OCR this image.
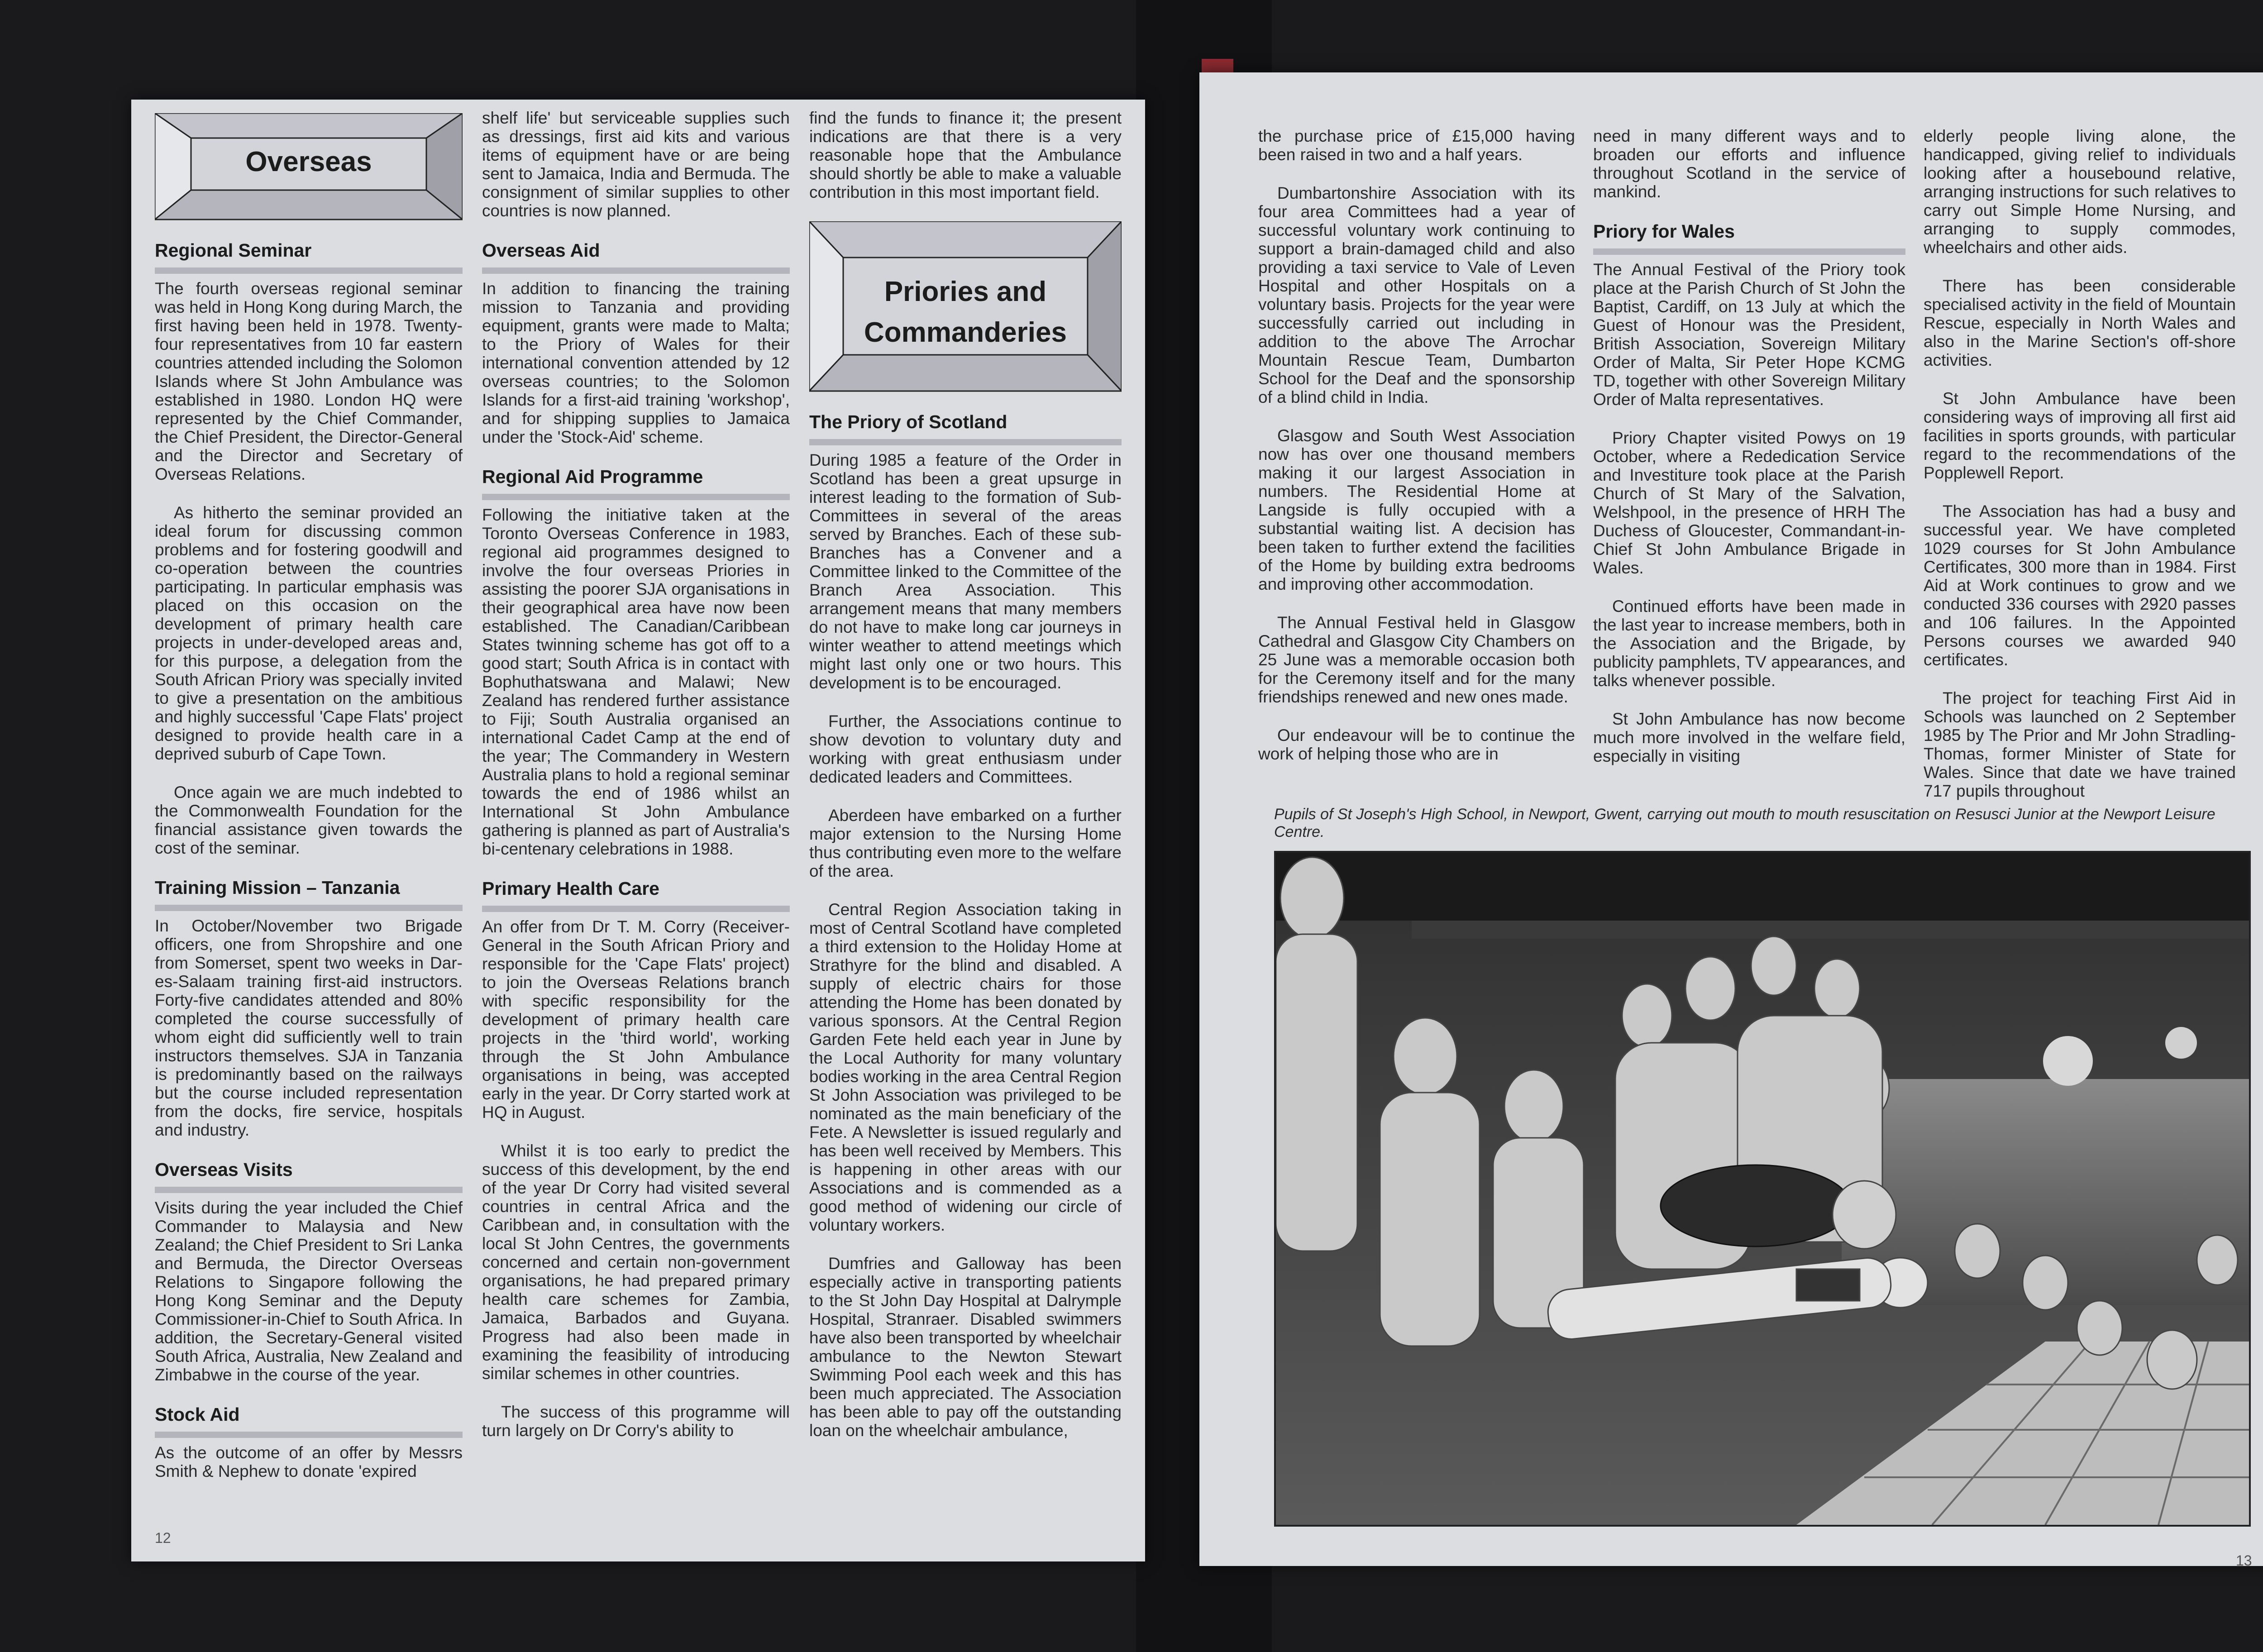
Overseas
Regional Seminar

The fourth overseas regional seminar was held in Hong Kong during March, the first having been held in 1978. Twenty-four representatives from 10 far eastern countries attended including the Solomon Islands where St John Ambulance was established in 1980. London HQ were represented by the Chief Commander, the Chief President, the Director-General and the Director and Secretary of Overseas Relations.

As hitherto the seminar provided an ideal forum for discussing common problems and for fostering goodwill and co-operation between the countries participating. In particular emphasis was placed on this occasion on the development of primary health care projects in under-developed areas and, for this purpose, a delegation from the South African Priory was specially invited to give a presentation on the ambitious and highly successful 'Cape Flats' project designed to provide health care in a deprived suburb of Cape Town.

Once again we are much indebted to the Commonwealth Foundation for the financial assistance given towards the cost of the seminar.

Training Mission – Tanzania

In October/November two Brigade officers, one from Shropshire and one from Somerset, spent two weeks in Dar-es-Salaam training first-aid instructors. Forty-five candidates attended and 80% completed the course successfully of whom eight did sufficiently well to train instructors themselves. SJA in Tanzania is predominantly based on the railways but the course included representation from the docks, fire service, hospitals and industry.

Overseas Visits

Visits during the year included the Chief Commander to Malaysia and New Zealand; the Chief President to Sri Lanka and Bermuda, the Director Overseas Relations to Singapore following the Hong Kong Seminar and the Deputy Commissioner-in-Chief to South Africa. In addition, the Secretary-General visited South Africa, Australia, New Zealand and Zimbabwe in the course of the year.

Stock Aid

As the outcome of an offer by Messrs Smith & Nephew to donate 'expired

shelf life' but serviceable supplies such as dressings, first aid kits and various items of equipment have or are being sent to Jamaica, India and Bermuda. The consignment of similar supplies to other countries is now planned.

Overseas Aid

In addition to financing the training mission to Tanzania and providing equipment, grants were made to Malta; to the Priory of Wales for their international convention attended by 12 overseas countries; to the Solomon Islands for a first-aid training 'workshop', and for shipping supplies to Jamaica under the 'Stock-Aid' scheme.

Regional Aid Programme

Following the initiative taken at the Toronto Overseas Conference in 1983, regional aid programmes designed to involve the four overseas Priories in assisting the poorer SJA organisations in their geographical area have now been established. The Canadian/Caribbean States twinning scheme has got off to a good start; South Africa is in contact with Bophuthatswana and Malawi; New Zealand has rendered further assistance to Fiji; South Australia organised an international Cadet Camp at the end of the year; The Commandery in Western Australia plans to hold a regional seminar towards the end of 1986 whilst an International St John Ambulance gathering is planned as part of Australia's bi-centenary celebrations in 1988.

Primary Health Care

An offer from Dr T. M. Corry (Receiver-General in the South African Priory and responsible for the 'Cape Flats' project) to join the Overseas Relations branch with specific responsibility for the development of primary health care projects in the 'third world', working through the St John Ambulance organisations in being, was accepted early in the year. Dr Corry started work at HQ in August.

Whilst it is too early to predict the success of this development, by the end of the year Dr Corry had visited several countries in central Africa and the Caribbean and, in consultation with the local St John Centres, the governments concerned and certain non-government organisations, he had prepared primary health care schemes for Zambia, Jamaica, Barbados and Guyana. Progress had also been made in examining the feasibility of introducing similar schemes in other countries.

The success of this programme will turn largely on Dr Corry's ability to

find the funds to finance it; the present indications are that there is a very reasonable hope that the Ambulance should shortly be able to make a valuable contribution in this most important field.

Priories and
Commanderies
The Priory of Scotland

During 1985 a feature of the Order in Scotland has been a great upsurge in interest leading to the formation of Sub-Committees in several of the areas served by Branches. Each of these sub-Branches has a Convener and a Committee linked to the Committee of the Branch Area Association. This arrangement means that many members do not have to make long car journeys in winter weather to attend meetings which might last only one or two hours. This development is to be encouraged.

Further, the Associations continue to show devotion to voluntary duty and working with great enthusiasm under dedicated leaders and Committees.

Aberdeen have embarked on a further major extension to the Nursing Home thus contributing even more to the welfare of the area.

Central Region Association taking in most of Central Scotland have completed a third extension to the Holiday Home at Strathyre for the blind and disabled. A supply of electric chairs for those attending the Home has been donated by various sponsors. At the Central Region Garden Fete held each year in June by the Local Authority for many voluntary bodies working in the area Central Region St John Association was privileged to be nominated as the main beneficiary of the Fete. A Newsletter is issued regularly and has been well received by Members. This is happening in other areas with our Associations and is commended as a good method of widening our circle of voluntary workers.

Dumfries and Galloway has been especially active in transporting patients to the St John Day Hospital at Dalrymple Hospital, Stranraer. Disabled swimmers have also been transported by wheelchair ambulance to the Newton Stewart Swimming Pool each week and this has been much appreciated. The Association has been able to pay off the outstanding loan on the wheelchair ambulance,

12

the purchase price of £15,000 having been raised in two and a half years.

Dumbartonshire Association with its four area Committees had a year of successful voluntary work continuing to support a brain-damaged child and also providing a taxi service to Vale of Leven Hospital and other Hospitals on a voluntary basis. Projects for the year were successfully carried out including in addition to the above The Arrochar Mountain Rescue Team, Dumbarton School for the Deaf and the sponsorship of a blind child in India.

Glasgow and South West Association now has over one thousand members making it our largest Association in numbers. The Residential Home at Langside is fully occupied with a substantial waiting list. A decision has been taken to further extend the facilities of the Home by building extra bedrooms and improving other accommodation.

The Annual Festival held in Glasgow Cathedral and Glasgow City Chambers on 25 June was a memorable occasion both for the Ceremony itself and for the many friendships renewed and new ones made.

Our endeavour will be to continue the work of helping those who are in

need in many different ways and to broaden our efforts and influence throughout Scotland in the service of mankind.

Priory for Wales

The Annual Festival of the Priory took place at the Parish Church of St John the Baptist, Cardiff, on 13 July at which the Guest of Honour was the President, British Association, Sovereign Military Order of Malta, Sir Peter Hope KCMG TD, together with other Sovereign Military Order of Malta representatives.

Priory Chapter visited Powys on 19 October, where a Rededication Service and Investiture took place at the Parish Church of St Mary of the Salvation, Welshpool, in the presence of HRH The Duchess of Gloucester, Commandant-in-Chief St John Ambulance Brigade in Wales.

Continued efforts have been made in the last year to increase members, both in the Association and the Brigade, by publicity pamphlets, TV appearances, and talks whenever possible.

St John Ambulance has now become much more involved in the welfare field, especially in visiting

elderly people living alone, the handicapped, giving relief to individuals looking after a housebound relative, arranging instructions for such relatives to carry out Simple Home Nursing, and arranging to supply commodes, wheelchairs and other aids.

There has been considerable specialised activity in the field of Mountain Rescue, especially in North Wales and also in the Marine Section's off-shore activities.

St John Ambulance have been considering ways of improving all first aid facilities in sports grounds, with particular regard to the recommendations of the Popplewell Report.

The Association has had a busy and successful year. We have completed 1029 courses for St John Ambulance Certificates, 300 more than in 1984. First Aid at Work continues to grow and we conducted 336 courses with 2920 passes and 106 failures. In the Appointed Persons courses we awarded 940 certificates.

The project for teaching First Aid in Schools was launched on 2 September 1985 by The Prior and Mr John Stradling-Thomas, former Minister of State for Wales. Since that date we have trained 717 pupils throughout

Pupils of St Joseph's High School, in Newport, Gwent, carrying out mouth to mouth resuscitation on Resusci Junior at the Newport Leisure Centre.
13
